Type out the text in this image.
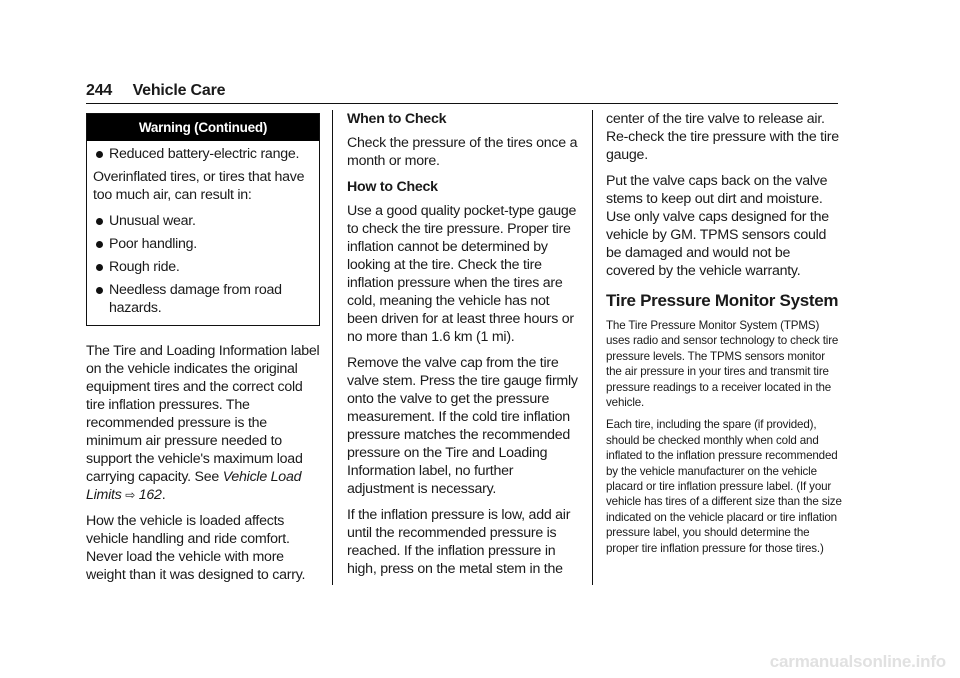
244 Vehicle Care
Warning (Continued)
Reduced battery-electric range.

Overinflated tires, or tires that have too much air, can result in:

Unusual wear.
Poor handling.
Rough ride.
Needless damage from road hazards.

The Tire and Loading Information label on the vehicle indicates the original equipment tires and the correct cold tire inflation pressures. The recommended pressure is the minimum air pressure needed to support the vehicle's maximum load carrying capacity. See Vehicle Load Limits ⇨ 162.

How the vehicle is loaded affects vehicle handling and ride comfort. Never load the vehicle with more weight than it was designed to carry.

When to Check

Check the pressure of the tires once a month or more.

How to Check

Use a good quality pocket-type gauge to check the tire pressure. Proper tire inflation cannot be determined by looking at the tire. Check the tire inflation pressure when the tires are cold, meaning the vehicle has not been driven for at least three hours or no more than 1.6 km (1 mi).

Remove the valve cap from the tire valve stem. Press the tire gauge firmly onto the valve to get the pressure measurement. If the cold tire inflation pressure matches the recommended pressure on the Tire and Loading Information label, no further adjustment is necessary.

If the inflation pressure is low, add air until the recommended pressure is reached. If the inflation pressure in high, press on the metal stem in the

center of the tire valve to release air. Re-check the tire pressure with the tire gauge.

Put the valve caps back on the valve stems to keep out dirt and moisture. Use only valve caps designed for the vehicle by GM. TPMS sensors could be damaged and would not be covered by the vehicle warranty.

Tire Pressure Monitor System

The Tire Pressure Monitor System (TPMS) uses radio and sensor technology to check tire pressure levels. The TPMS sensors monitor the air pressure in your tires and transmit tire pressure readings to a receiver located in the vehicle.

Each tire, including the spare (if provided), should be checked monthly when cold and inflated to the inflation pressure recommended by the vehicle manufacturer on the vehicle placard or tire inflation pressure label. (If your vehicle has tires of a different size than the size indicated on the vehicle placard or tire inflation pressure label, you should determine the proper tire inflation pressure for those tires.)

carmanualsonline.info
